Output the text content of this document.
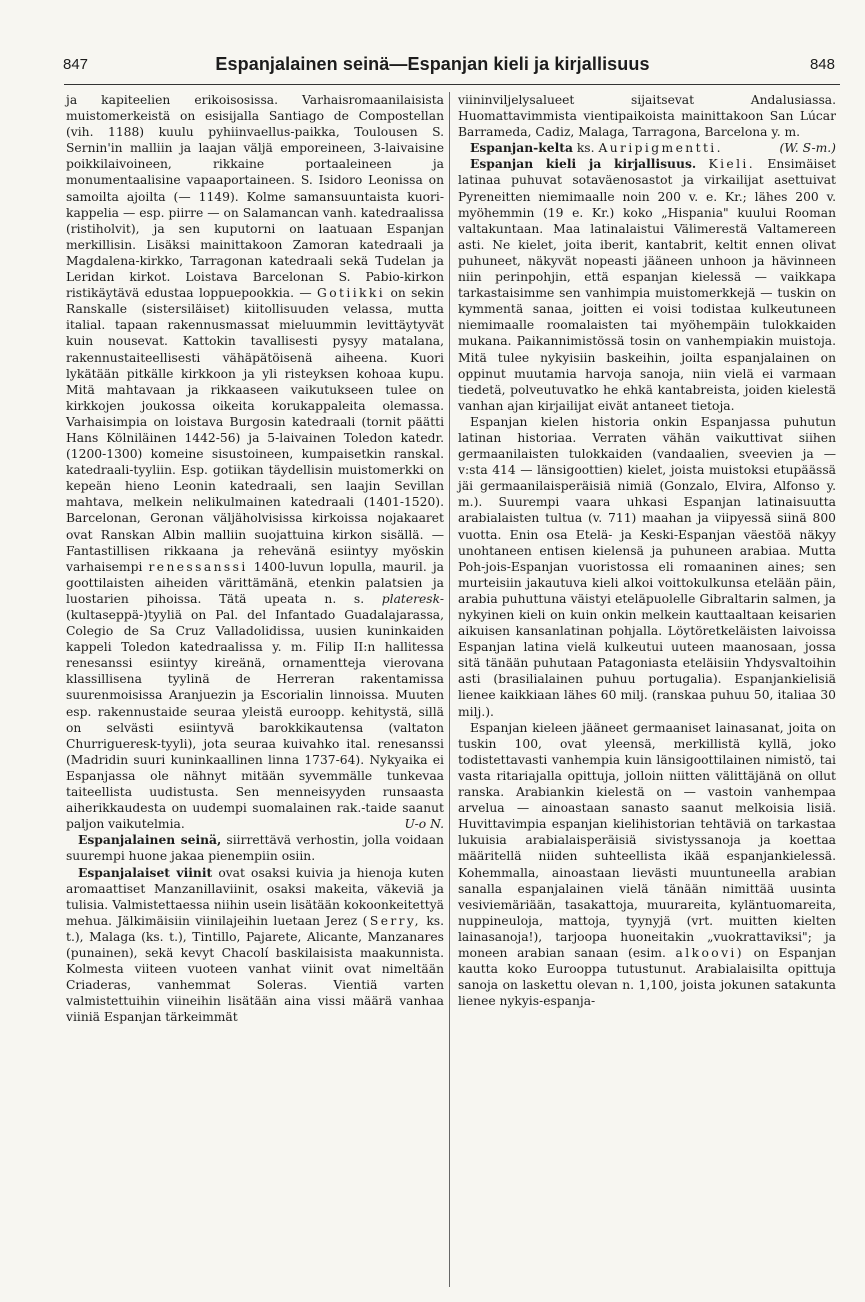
847	Espanjalainen seinä—Espanjan kieli ja kirjallisuus	848

ja kapiteelien erikoisosissa. Varhaisromaanilaisista muistomerkeistä on esisijalla Santiago de Compostellan (vih. 1188) kuulu pyhiinvaellus-paikka, Toulousen S. Sernin'in malliin ja laajan väljä emporeineen, 3-laivaisine poikkilaivoineen, rikkaine portaaleineen ja monumentaalisine vapaaportaineen. S. Isidoro Leonissa on samoilta ajoilta (— 1149). Kolme samansuuntaista kuori-kappelia — esp. piirre — on Salamancan vanh. katedraalissa (ristiholvit), ja sen kuputorni on laatuaan Espanjan merkillisin. Lisäksi mainittakoon Zamoran katedraali ja Magdalena-kirkko, Tarragonan katedraali sekä Tudelan ja Leridan kirkot. Loistava Barcelonan S. Pabio-kirkon ristikäytävä edustaa loppuepookkia. — Gotiikki on sekin Ranskalle (sistersiläiset) kiitollisuuden velassa, mutta italial. tapaan rakennusmassat mieluummin levittäytyvät kuin nousevat. Kattokin tavallisesti pysyy matalana, rakennustaiteellisesti vähäpätöisenä aiheena. Kuori lykätään pitkälle kirkkoon ja yli risteyksen kohoaa kupu. Mitä mahtavaan ja rikkaaseen vaikutukseen tulee on kirkkojen joukossa oikeita korukappaleita olemassa. Varhaisimpia on loistava Burgosin katedraali (tornit päätti Hans Kölniläinen 1442-56) ja 5-laivainen Toledon katedr. (1200-1300) komeine sisustoineen, kumpaisetkin ranskal. katedraali-tyyliin. Esp. gotiikan täydellisin muistomerkki on kepeän hieno Leonin katedraali, sen laajin Sevillan mahtava, melkein nelikulmainen katedraali (1401-1520). Barcelonan, Geronan väljäholvisissa kirkoissa nojakaaret ovat Ranskan Albin malliin suojattuina kirkon sisällä. — Fantastillisen rikkaana ja rehevänä esiintyy myöskin varhaisempi renessanssi 1400-luvun lopulla, mauril. ja goottilaisten aiheiden värittämänä, etenkin palatsien ja luostarien pihoissa. Tätä upeata n. s. plateresk-(kultaseppä-)tyyliä on Pal. del Infantado Guadalajarassa, Colegio de Sa Cruz Valladolidissa, uusien kuninkaiden kappeli Toledon katedraalissa y. m. Filip II:n hallitessa renesanssi esiintyy kireänä, ornamentteja vierovana klassillisena tyylinä de Herreran rakentamissa suurenmoisissa Aranjuezin ja Escorialin linnoissa. Muuten esp. rakennustaide seuraa yleistä euroopp. kehitystä, sillä on selvästi esiintyvä barokkikautensa (valtaton Churrigueresk-tyyli), jota seuraa kuivahko ital. renesanssi (Madridin suuri kuninkaallinen linna 1737-64). Nykyaika ei Espanjassa ole nähnyt mitään syvemmälle tunkevaa taiteellista uudistusta. Sen menneisyyden runsaasta aiherikkaudesta on uudempi suomalainen rak.-taide saanut paljon vaikutelmia.	U-o N.

Espanjalainen seinä, siirrettävä verhostin, jolla voidaan suurempi huone jakaa pienempiin osiin.

Espanjalaiset viinit ovat osaksi kuivia ja hienoja kuten aromaattiset Manzanillaviinit, osaksi makeita, väkeviä ja tulisia. Valmistettaessa niihin usein lisätään kokoonkeitettyä mehua. Jälkimäisiin viinilajeihin luetaan Jerez (Serry, ks. t.), Malaga (ks. t.), Tintillo, Pajarete, Alicante, Manzanares (punainen), sekä kevyt Chacolí baskilaisista maakunnista. Kolmesta viiteen vuoteen vanhat viinit ovat nimeltään Criaderas, vanhemmat Soleras. Vientiä varten valmistettuihin viineihin lisätään aina vissi määrä vanhaa viiniä Espanjan tärkeimmät

viininviljelysalueet sijaitsevat Andalusiassa. Huomattavimmista vientipaikoista mainittakoon San Lúcar Barrameda, Cadiz, Malaga, Tarragona, Barcelona y. m.
(W. S-m.)

Espanjan-kelta ks. Auripigmentti.

Espanjan kieli ja kirjallisuus. Kieli. Ensimäiset latinaa puhuvat sotaväenosastot ja virkailijat asettuivat Pyreneitten niemimaalle noin 200 v. e. Kr.; lähes 200 v. myöhemmin (19 e. Kr.) koko „Hispania" kuului Rooman valtakuntaan. Maa latinalaistui Välimerestä Valtamereen asti. Ne kielet, joita iberit, kantabrit, keltit ennen olivat puhuneet, näkyvät nopeasti jääneen unhoon ja hävinneen niin perinpohjin, että espanjan kielessä — vaikkapa tarkastaisimme sen vanhimpia muistomerkkejä — tuskin on kymmentä sanaa, joitten ei voisi todistaa kulkeutuneen niemimaalle roomalaisten tai myöhempäin tulokkaiden mukana. Paikannimistössä tosin on vanhempiakin muistoja. Mitä tulee nykyisiin baskeihin, joilta espanjalainen on oppinut muutamia harvoja sanoja, niin vielä ei varmaan tiedetä, polveutuvatko he ehkä kantabreista, joiden kielestä vanhan ajan kirjailijat eivät antaneet tietoja.

Espanjan kielen historia onkin Espanjassa puhutun latinan historiaa. Verraten vähän vaikuttivat siihen germaanilaisten tulokkaiden (vandaalien, sveevien ja — v:sta 414 — länsigoottien) kielet, joista muistoksi etupäässä jäi germaanilaisperäisiä nimiä (Gonzalo, Elvira, Alfonso y. m.). Suurempi vaara uhkasi Espanjan latinaisuutta arabialaisten tultua (v. 711) maahan ja viipyessä siinä 800 vuotta. Enin osa Etelä- ja Keski-Espanjan väestöä näkyy unohtaneen entisen kielensä ja puhuneen arabiaa. Mutta Poh-jois-Espanjan vuoristossa eli romaaninen aines; sen murteisiin jakautuva kieli alkoi voittokulkunsa etelään päin, arabia puhuttuna väistyi eteläpuolelle Gibraltarin salmen, ja nykyinen kieli on kuin onkin melkein kauttaaltaan keisarien aikuisen kansanlatinan pohjalla. Löytöretkeläisten laivoissa Espanjan latina vielä kulkeutui uuteen maanosaan, jossa sitä tänään puhutaan Patagoniasta eteläisiin Yhdysvaltoihin asti (brasilialainen puhuu portugalia). Espanjankielisiä lienee kaikkiaan lähes 60 milj. (ranskaa puhuu 50, italiaa 30 milj.).

Espanjan kieleen jääneet germaaniset lainasanat, joita on tuskin 100, ovat yleensä, merkillistä kyllä, joko todistettavasti vanhempia kuin länsigoottilainen nimistö, tai vasta ritariajalla opittuja, jolloin niitten välittäjänä on ollut ranska. Arabiankin kielestä on — vastoin vanhempaa arvelua — ainoastaan sanasto saanut melkoisia lisiä. Huvittavimpia espanjan kielihistorian tehtäviä on tarkastaa lukuisia arabialaisperäisiä sivistyssanoja ja koettaa määritellä niiden suhteellista ikää espanjankielessä. Kohemmalla, ainoastaan lievästi muuntuneella arabian sanalla espanjalainen vielä tänään nimittää uusinta vesiviemäriään, tasakattoja, muurareita, kyläntuomareita, nuppineuloja, mattoja, tyynyjä (vrt. muitten kielten lainasanoja!), tarjoopa huoneitakin „vuokrattaviksi"; ja moneen arabian sanaan (esim. alkoovi) on Espanjan kautta koko Eurooppa tutustunut. Arabialaisilta opittuja sanoja on laskettu olevan n. 1,100, joista jokunen satakunta lienee nykyis-espanja-
